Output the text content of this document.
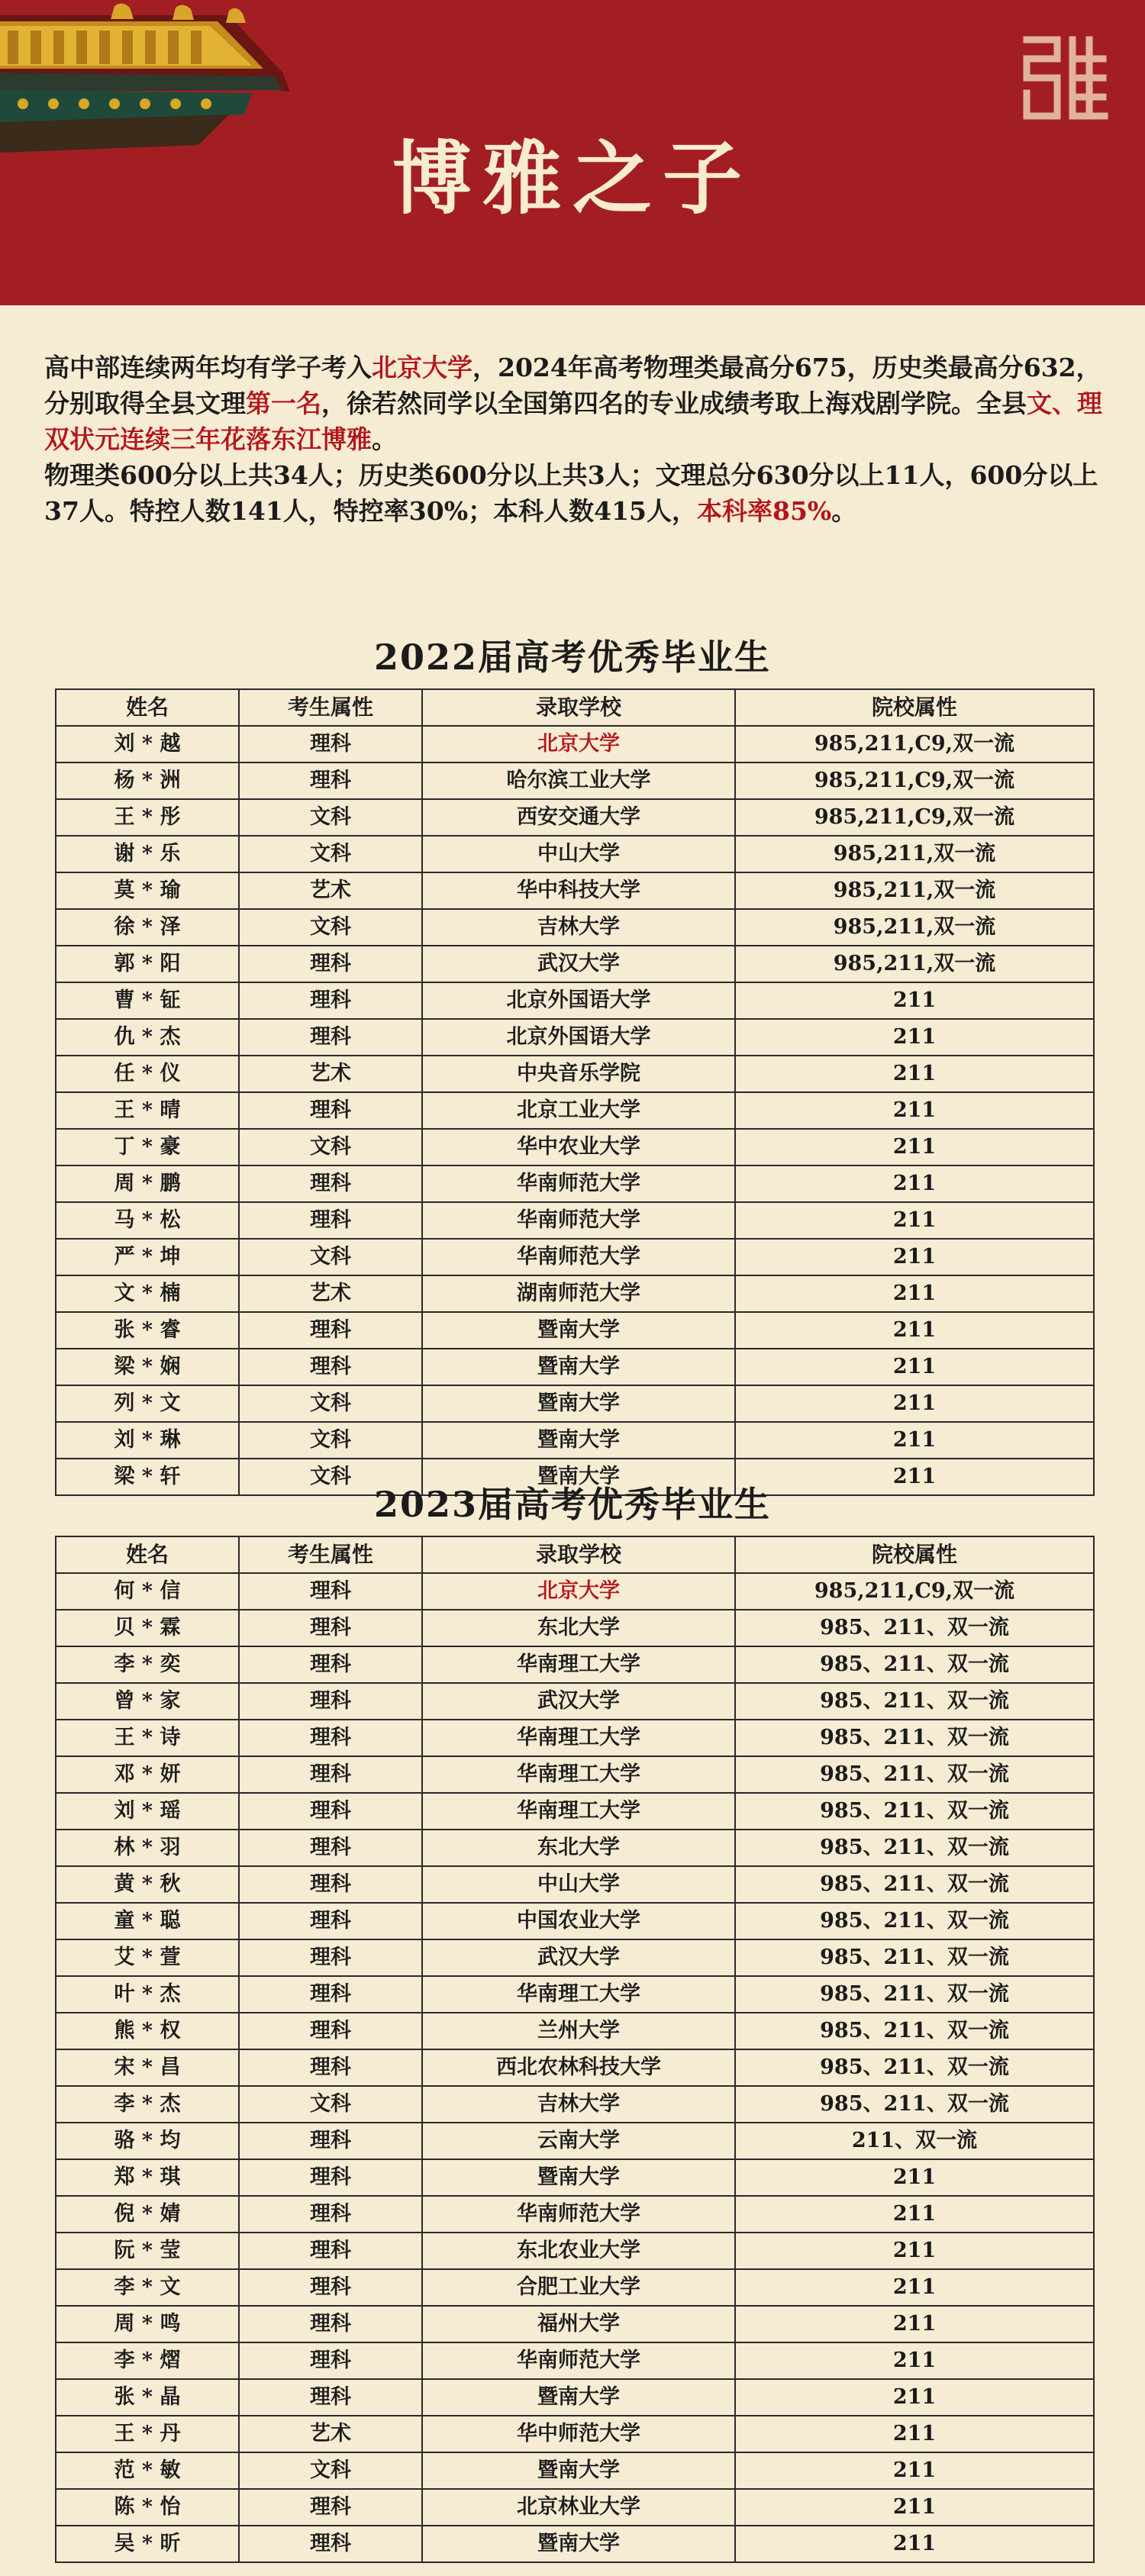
博雅之子

高中部连续两年均有学子考入北京大学，2024年高考物理类最高分675，历史类最高分632，分别取得全县文理第一名，徐若然同学以全国第四名的专业成绩考取上海戏剧学院。全县文、理双状元连续三年花落东江博雅。

物理类600分以上共34人；历史类600分以上共3人；文理总分630分以上11人，600分以上37人。特控人数141人，特控率30%；本科人数415人，本科率85%。

2022届高考优秀毕业生
姓名	考生属性	录取学校	院校属性
刘 * 越	理科	北京大学	985,211,C9,双一流
杨 * 洲	理科	哈尔滨工业大学	985,211,C9,双一流
王 * 彤	文科	西安交通大学	985,211,C9,双一流
谢 * 乐	文科	中山大学	985,211,双一流
莫 * 瑜	艺术	华中科技大学	985,211,双一流
徐 * 泽	文科	吉林大学	985,211,双一流
郭 * 阳	理科	武汉大学	985,211,双一流
曹 * 钲	理科	北京外国语大学	211
仇 * 杰	理科	北京外国语大学	211
任 * 仪	艺术	中央音乐学院	211
王 * 晴	理科	北京工业大学	211
丁 * 豪	文科	华中农业大学	211
周 * 鹏	理科	华南师范大学	211
马 * 松	理科	华南师范大学	211
严 * 坤	文科	华南师范大学	211
文 * 楠	艺术	湖南师范大学	211
张 * 睿	理科	暨南大学	211
梁 * 娴	理科	暨南大学	211
列 * 文	文科	暨南大学	211
刘 * 琳	文科	暨南大学	211
梁 * 轩	文科	暨南大学	211
2023届高考优秀毕业生
姓名	考生属性	录取学校	院校属性
何 * 信	理科	北京大学	985,211,C9,双一流
贝 * 霖	理科	东北大学	985、211、双一流
李 * 奕	理科	华南理工大学	985、211、双一流
曾 * 家	理科	武汉大学	985、211、双一流
王 * 诗	理科	华南理工大学	985、211、双一流
邓 * 妍	理科	华南理工大学	985、211、双一流
刘 * 瑶	理科	华南理工大学	985、211、双一流
林 * 羽	理科	东北大学	985、211、双一流
黄 * 秋	理科	中山大学	985、211、双一流
童 * 聪	理科	中国农业大学	985、211、双一流
艾 * 萱	理科	武汉大学	985、211、双一流
叶 * 杰	理科	华南理工大学	985、211、双一流
熊 * 权	理科	兰州大学	985、211、双一流
宋 * 昌	理科	西北农林科技大学	985、211、双一流
李 * 杰	文科	吉林大学	985、211、双一流
骆 * 均	理科	云南大学	211、双一流
郑 * 琪	理科	暨南大学	211
倪 * 婧	理科	华南师范大学	211
阮 * 莹	理科	东北农业大学	211
李 * 文	理科	合肥工业大学	211
周 * 鸣	理科	福州大学	211
李 * 熠	理科	华南师范大学	211
张 * 晶	理科	暨南大学	211
王 * 丹	艺术	华中师范大学	211
范 * 敏	文科	暨南大学	211
陈 * 怡	理科	北京林业大学	211
吴 * 昕	理科	暨南大学	211
